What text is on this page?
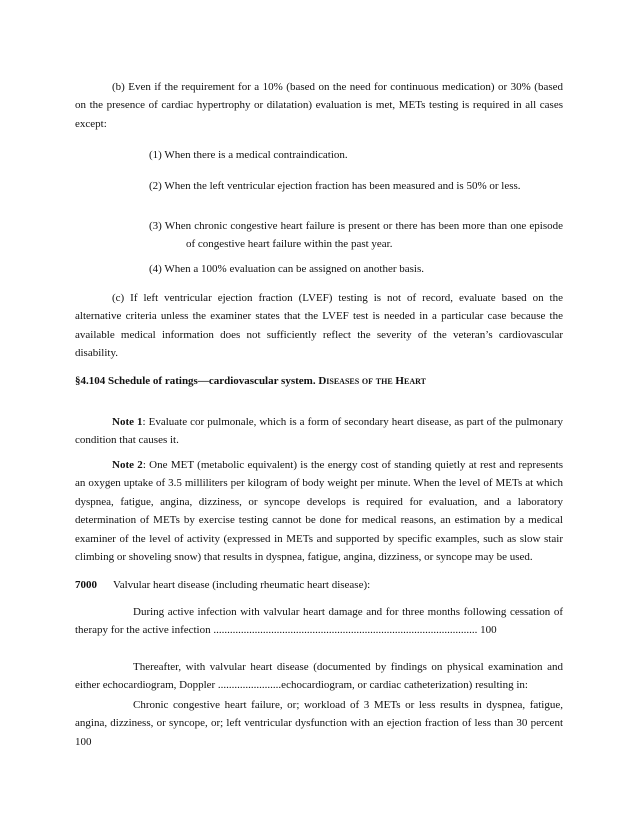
(b) Even if the requirement for a 10% (based on the need for continuous medication) or 30% (based on the presence of cardiac hypertrophy or dilatation) evaluation is met, METs testing is required in all cases except:

(1) When there is a medical contraindication.

(2) When the left ventricular ejection fraction has been measured and is 50% or less.

(3) When chronic congestive heart failure is present or there has been more than one episode of congestive heart failure within the past year.

(4) When a 100% evaluation can be assigned on another basis.

(c) If left ventricular ejection fraction (LVEF) testing is not of record, evaluate based on the alternative criteria unless the examiner states that the LVEF test is needed in a particular case because the available medical information does not sufficiently reflect the severity of the veteran’s cardiovascular disability.

§4.104 Schedule of ratings—cardiovascular system. Diseases of the Heart

Note 1: Evaluate cor pulmonale, which is a form of secondary heart disease, as part of the pulmonary condition that causes it.

Note 2: One MET (metabolic equivalent) is the energy cost of standing quietly at rest and represents an oxygen uptake of 3.5 milliliters per kilogram of body weight per minute. When the level of METs at which dyspnea, fatigue, angina, dizziness, or syncope develops is required for evaluation, and a laboratory determination of METs by exercise testing cannot be done for medical reasons, an estimation by a medical examiner of the level of activity (expressed in METs and supported by specific examples, such as slow stair climbing or shoveling snow) that results in dyspnea, fatigue, angina, dizziness, or syncope may be used.

7000 Valvular heart disease (including rheumatic heart disease):

During active infection with valvular heart damage and for three months following cessation of therapy for the active infection ................................................................................................ 100

Thereafter, with valvular heart disease (documented by findings on physical examination and either echocardiogram, Doppler .......................echocardiogram, or cardiac catheterization) resulting in:

Chronic congestive heart failure, or; workload of 3 METs or less results in dyspnea, fatigue, angina, dizziness, or syncope, or; left ventricular dysfunction with an ejection fraction of less than 30 percent 100
